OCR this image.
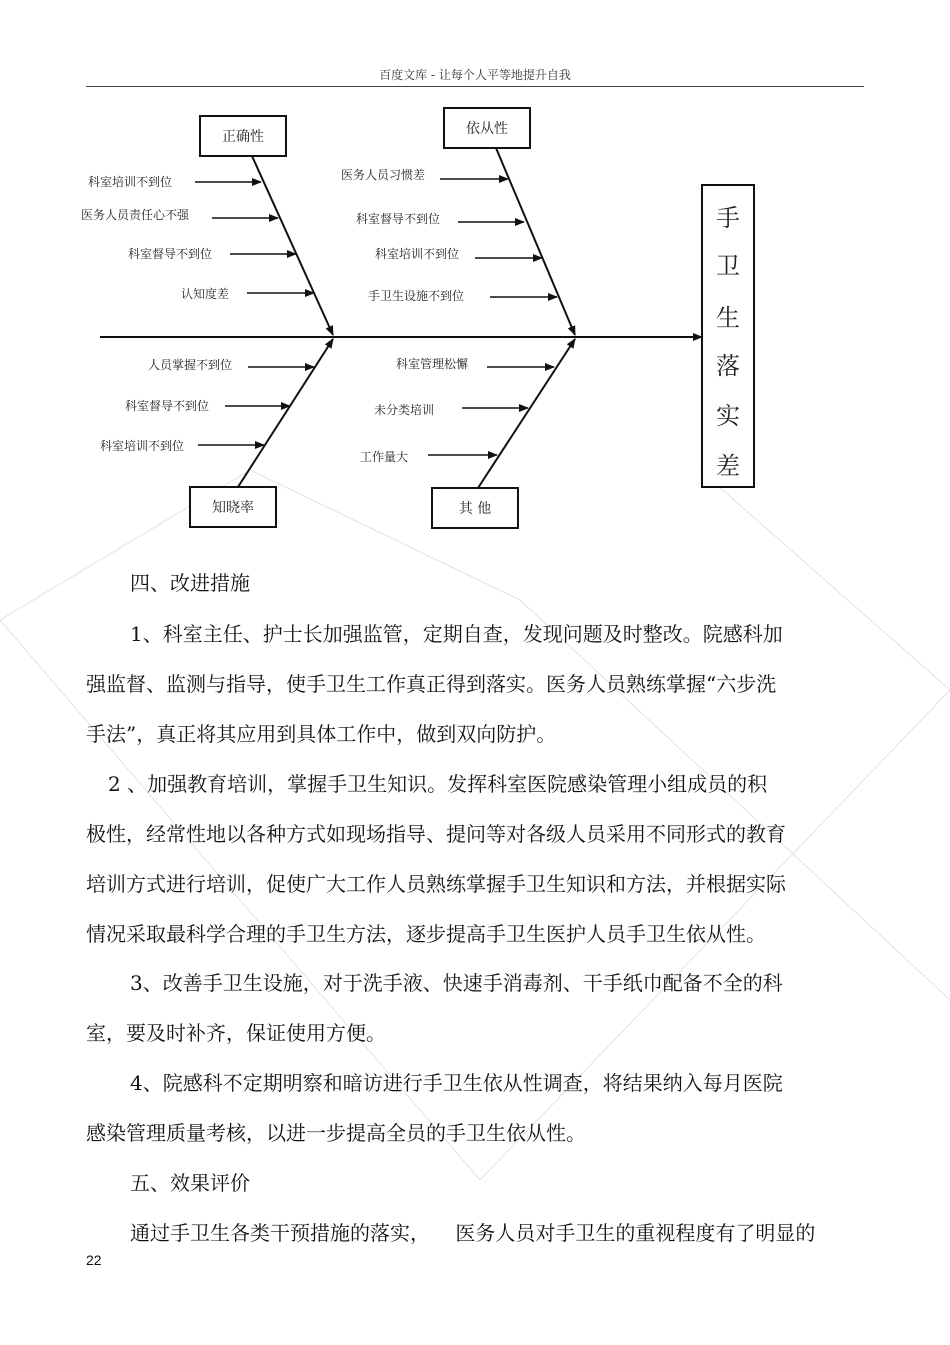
百度文库 - 让每个人平等地提升自我
手
卫
生
落
实
差
正确性	依从性
知晓率	其 他
科室培训不到位
医务人员责任心不强
科室督导不到位
认知度差
医务人员习惯差
科室督导不到位
科室培训不到位
手卫生设施不到位
人员掌握不到位
科室督导不到位
科室培训不到位
科室管理松懈
未分类培训
工作量大
四、改进措施
1、科室主任、护士长加强监管，定期自查，发现问题及时整改。院感科加
强监督、监测与指导，使手卫生工作真正得到落实。医务人员熟练掌握“六步洗
手法”，真正将其应用到具体工作中，做到双向防护。
2 、加强教育培训，掌握手卫生知识。发挥科室医院感染管理小组成员的积
极性，经常性地以各种方式如现场指导、提问等对各级人员采用不同形式的教育
培训方式进行培训，促使广大工作人员熟练掌握手卫生知识和方法，并根据实际
情况采取最科学合理的手卫生方法，逐步提高手卫生医护人员手卫生依从性。
3、改善手卫生设施，对于洗手液、快速手消毒剂、干手纸巾配备不全的科
室，要及时补齐，保证使用方便。
4、院感科不定期明察和暗访进行手卫生依从性调查，将结果纳入每月医院
感染管理质量考核，以进一步提高全员的手卫生依从性。
五、效果评价
通过手卫生各类干预措施的落实，    医务人员对手卫生的重视程度有了明显的
22
